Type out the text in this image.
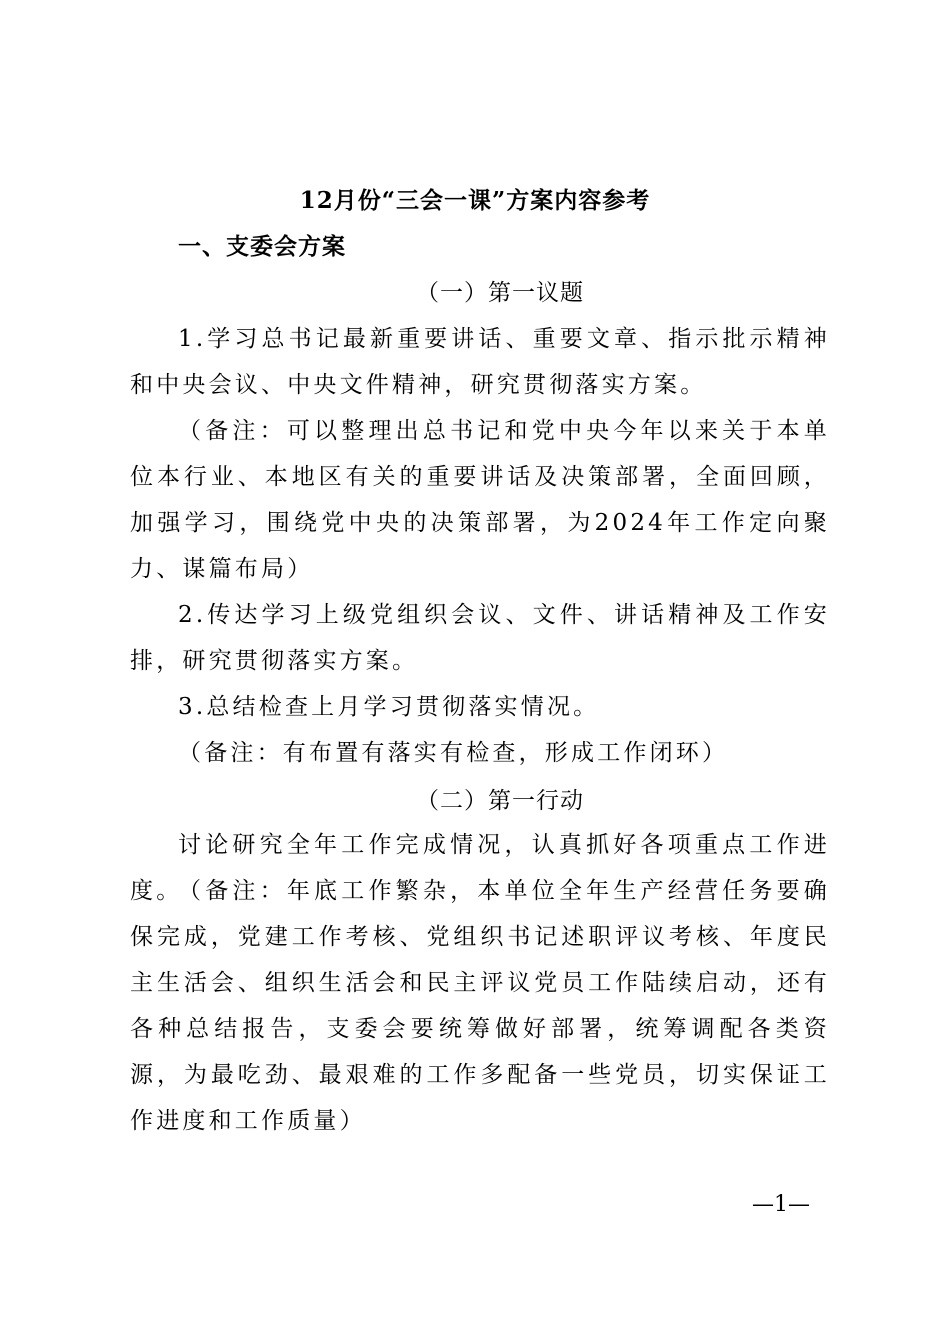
12月份“三会一课”方案内容参考
一、支委会方案
（一）第一议题
1.学习总书记最新重要讲话、重要文章、指示批示精神和中央会议、中央文件精神，研究贯彻落实方案。
（备注：可以整理出总书记和党中央今年以来关于本单位本行业、本地区有关的重要讲话及决策部署，全面回顾，加强学习，围绕党中央的决策部署，为2024年工作定向聚力、谋篇布局）
2.传达学习上级党组织会议、文件、讲话精神及工作安排，研究贯彻落实方案。
3.总结检查上月学习贯彻落实情况。
（备注：有布置有落实有检查，形成工作闭环）
（二）第一行动
讨论研究全年工作完成情况，认真抓好各项重点工作进度。
（备注：年底工作繁杂，本单位全年生产经营任务要确保完成，党建工作考核、党组织书记述职评议考核、年度民主生活会、组织生活会和民主评议党员工作陆续启动，还有各种总结报告，支委会要统筹做好部署，统筹调配各类资源，为最吃劲、最艰难的工作多配备一些党员，切实保证工作进度和工作质量）
—1—
